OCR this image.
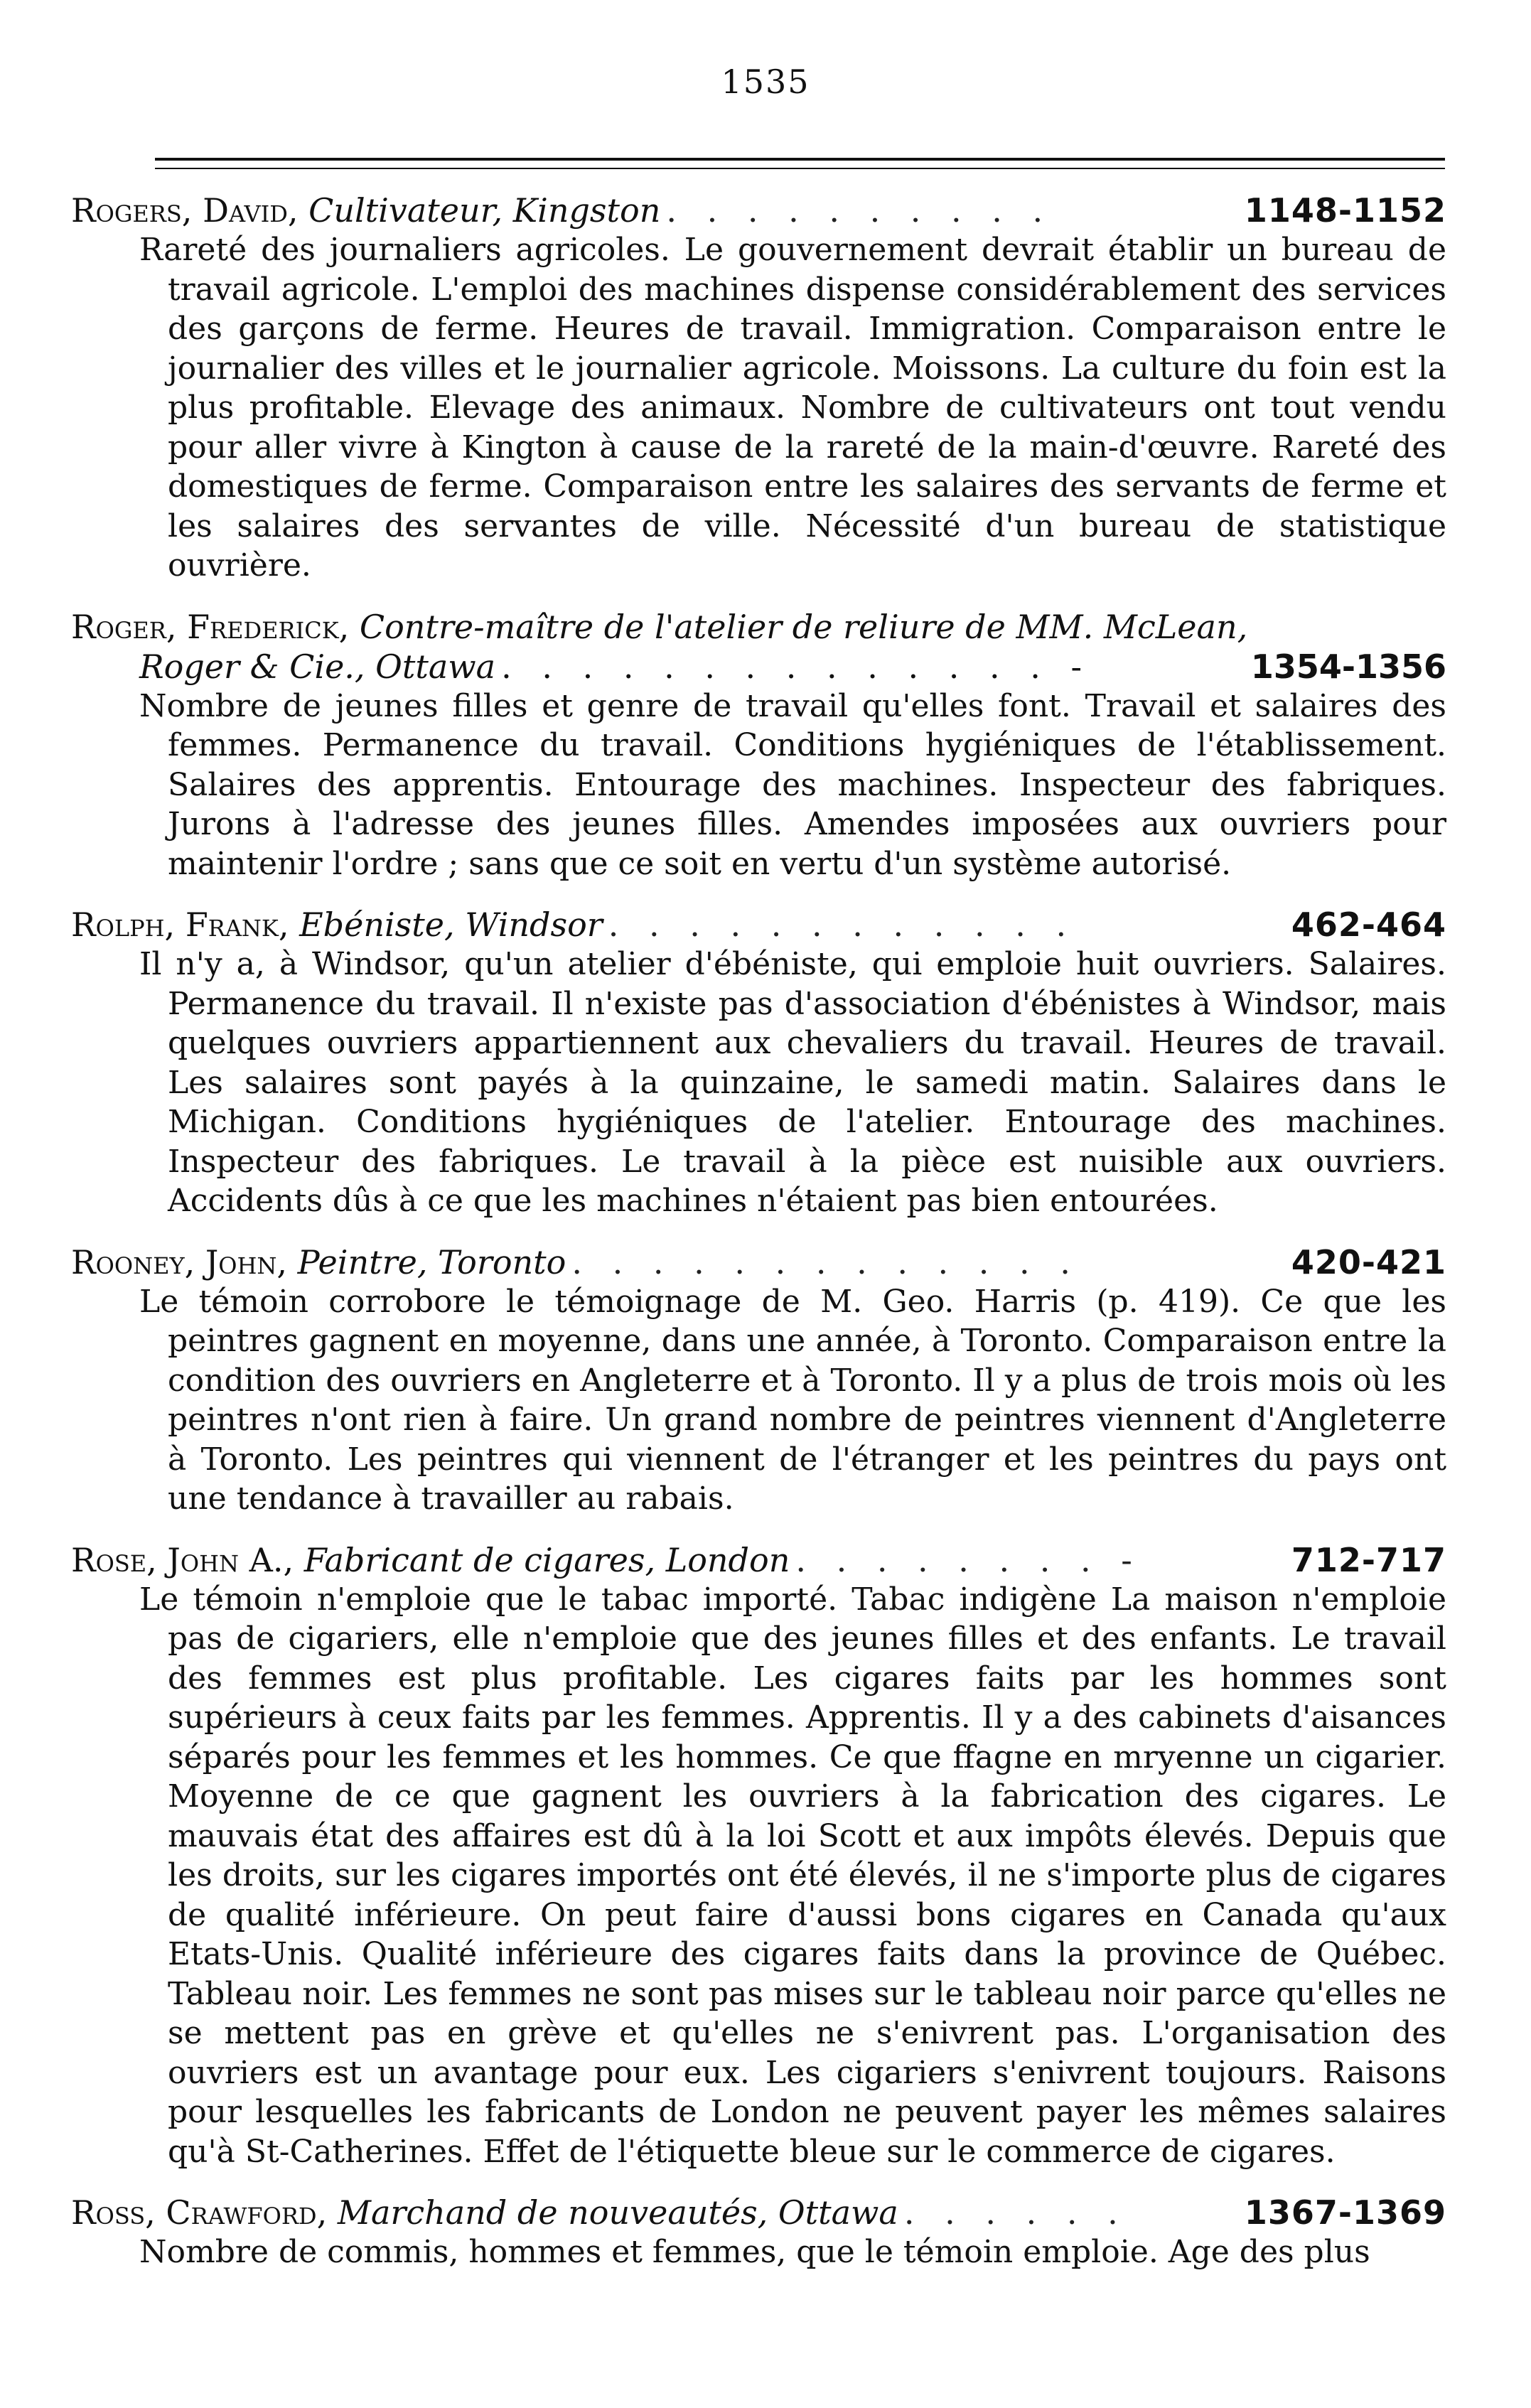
1535
Rogers, David, Cultivateur, Kingston . . . . . . . . . .	1148-1152
Rareté des journaliers agricoles. Le gouvernement devrait établir un bureau de travail agricole. L'emploi des machines dispense considérablement des services des garçons de ferme. Heures de travail. Immigration. Comparaison entre le journalier des villes et le journalier agricole. Moissons. La culture du foin est la plus profitable. Elevage des animaux. Nombre de cultivateurs ont tout vendu pour aller vivre à Kington à cause de la rareté de la main-d'œuvre. Rareté des domestiques de ferme. Comparaison entre les salaires des servants de ferme et les salaires des servantes de ville. Nécessité d'un bureau de statistique ouvrière.
Roger, Frederick, Contre-maître de l'atelier de reliure de MM. McLean,
Roger & Cie., Ottawa . . . . . . . . . . . . . . -	1354-1356
Nombre de jeunes filles et genre de travail qu'elles font. Travail et salaires des femmes. Permanence du travail. Conditions hygiéniques de l'établissement. Salaires des apprentis. Entourage des machines. Inspecteur des fabriques. Jurons à l'adresse des jeunes filles. Amendes imposées aux ouvriers pour maintenir l'ordre ; sans que ce soit en vertu d'un système autorisé.
Rolph, Frank, Ebéniste, Windsor . . . . . . . . . . . .	462-464
Il n'y a, à Windsor, qu'un atelier d'ébéniste, qui emploie huit ouvriers. Salaires. Permanence du travail. Il n'existe pas d'association d'ébénistes à Windsor, mais quelques ouvriers appartiennent aux chevaliers du travail. Heures de travail. Les salaires sont payés à la quinzaine, le samedi matin. Salaires dans le Michigan. Conditions hygiéniques de l'atelier. Entourage des machines. Inspecteur des fabriques. Le travail à la pièce est nuisible aux ouvriers. Accidents dûs à ce que les machines n'étaient pas bien entourées.
Rooney, John, Peintre, Toronto . . . . . . . . . . . . .	420-421
Le témoin corrobore le témoignage de M. Geo. Harris (p. 419). Ce que les peintres gagnent en moyenne, dans une année, à Toronto. Comparaison entre la condition des ouvriers en Angleterre et à Toronto. Il y a plus de trois mois où les peintres n'ont rien à faire. Un grand nombre de peintres viennent d'Angleterre à Toronto. Les peintres qui viennent de l'étranger et les peintres du pays ont une tendance à travailler au rabais.
Rose, John A., Fabricant de cigares, London . . . . . . . . -	712-717
Le témoin n'emploie que le tabac importé. Tabac indigène La maison n'emploie pas de cigariers, elle n'emploie que des jeunes filles et des enfants. Le travail des femmes est plus profitable. Les cigares faits par les hommes sont supérieurs à ceux faits par les femmes. Apprentis. Il y a des cabinets d'aisances séparés pour les femmes et les hommes. Ce que ffagne en mryenne un cigarier. Moyenne de ce que gagnent les ouvriers à la fabrication des cigares. Le mauvais état des affaires est dû à la loi Scott et aux impôts élevés. Depuis que les droits, sur les cigares importés ont été élevés, il ne s'importe plus de cigares de qualité inférieure. On peut faire d'aussi bons cigares en Canada qu'aux Etats-Unis. Qualité inférieure des cigares faits dans la province de Québec. Tableau noir. Les femmes ne sont pas mises sur le tableau noir parce qu'elles ne se mettent pas en grève et qu'elles ne s'enivrent pas. L'organisation des ouvriers est un avantage pour eux. Les cigariers s'enivrent toujours. Raisons pour lesquelles les fabricants de London ne peuvent payer les mêmes salaires qu'à St-Catherines. Effet de l'étiquette bleue sur le commerce de cigares.
Ross, Crawford, Marchand de nouveautés, Ottawa . . . . . .	1367-1369
Nombre de commis, hommes et femmes, que le témoin emploie. Age des plus
